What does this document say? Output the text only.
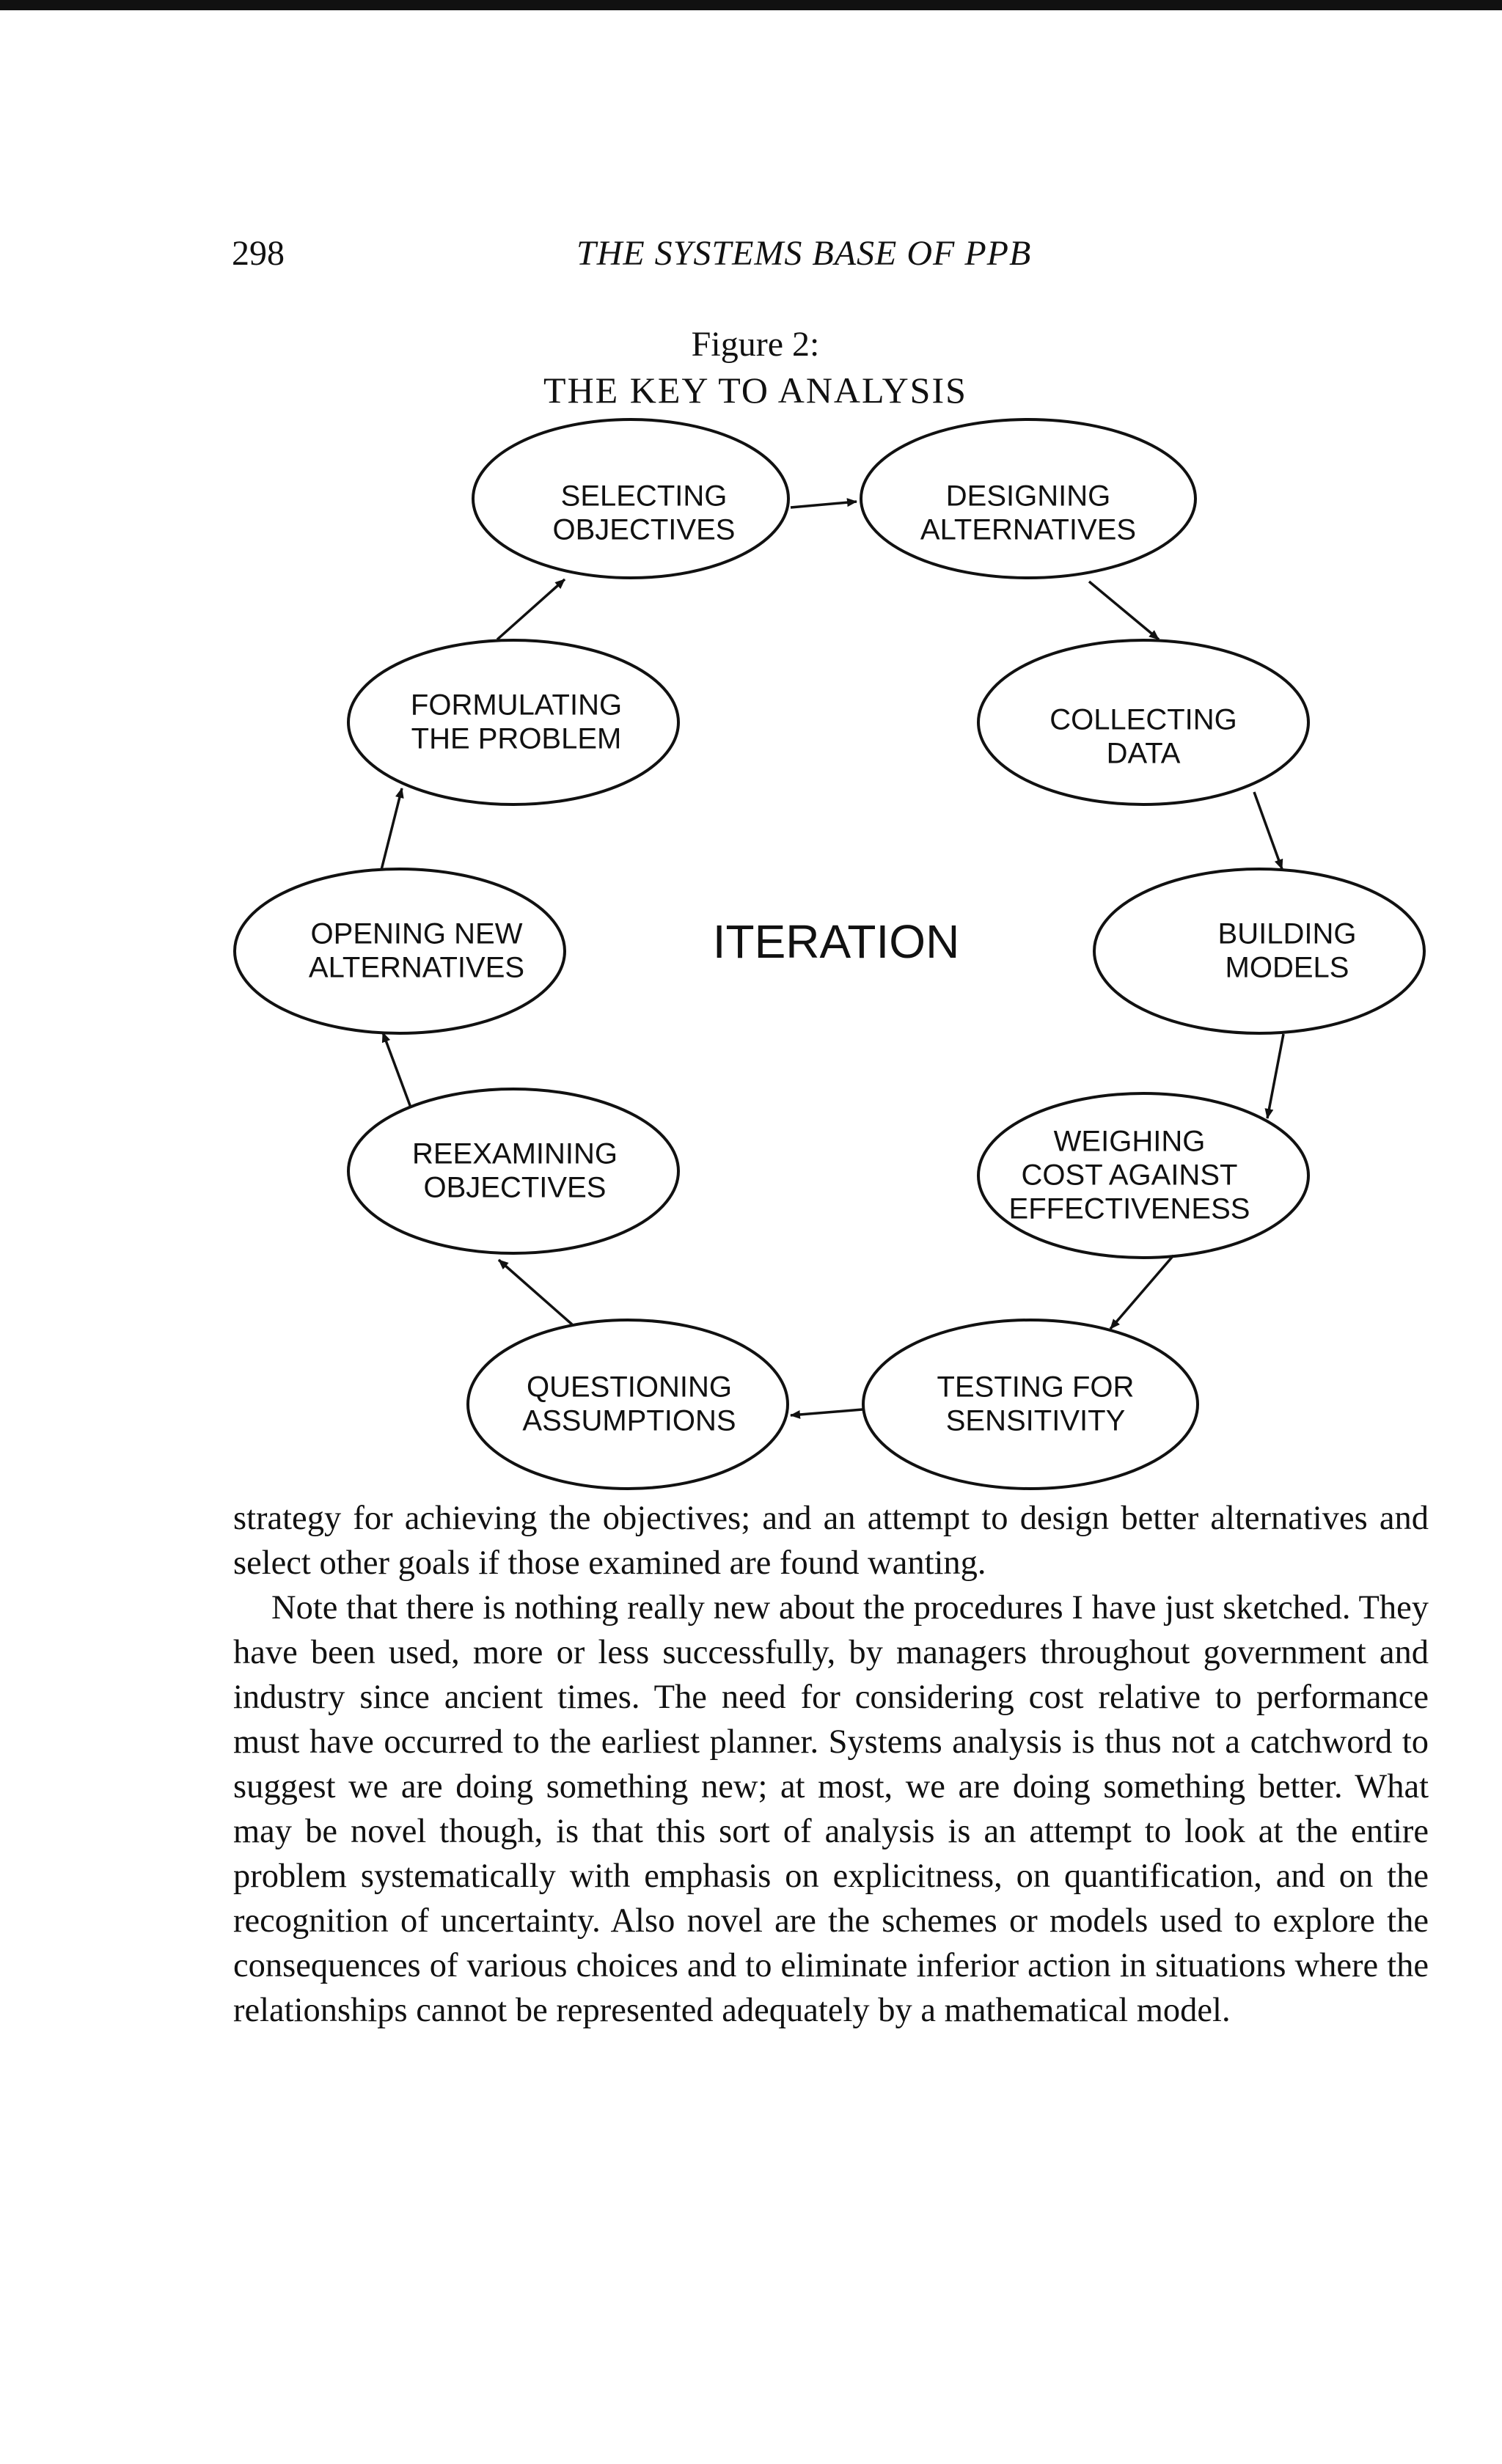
298	THE SYSTEMS BASE OF PPB
Figure 2:
THE KEY TO ANALYSIS
ITERATION
SELECTING
OBJECTIVES
DESIGNING
ALTERNATIVES
COLLECTING
DATA
BUILDING
MODELS
WEIGHING
COST AGAINST
EFFECTIVENESS
TESTING FOR
SENSITIVITY
QUESTIONING
ASSUMPTIONS
REEXAMINING
OBJECTIVES
OPENING NEW
ALTERNATIVES
FORMULATING
THE PROBLEM

strategy for achieving the objectives; and an attempt to design better alternatives and select other goals if those examined are found wanting.

Note that there is nothing really new about the procedures I have just sketched. They have been used, more or less successfully, by managers throughout government and industry since ancient times. The need for considering cost relative to performance must have occurred to the earliest planner. Systems analysis is thus not a catchword to suggest we are doing something new; at most, we are doing something better. What may be novel though, is that this sort of analysis is an attempt to look at the entire problem systematically with emphasis on explicitness, on quantification, and on the recognition of uncertainty. Also novel are the schemes or models used to explore the consequences of various choices and to eliminate inferior action in situations where the relationships cannot be represented adequately by a mathematical model.
